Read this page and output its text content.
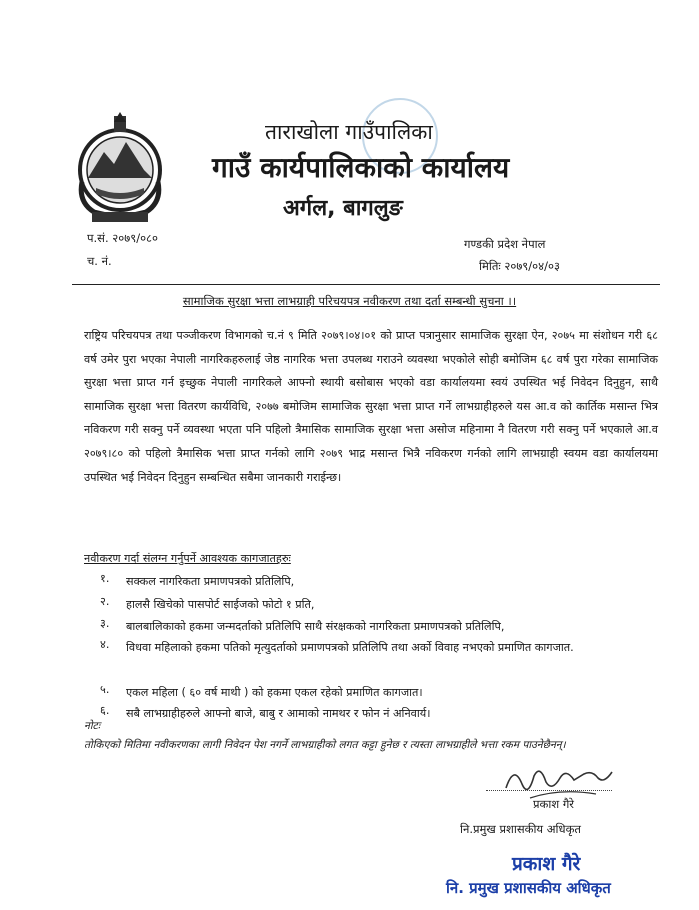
ताराखोला गाउँपालिका
गाउँ कार्यपालिकाको कार्यालय
अर्गल, बागलुङ
प.सं. २०७९/०८०
च. नं.
गण्डकी प्रदेश नेपाल
मितिः २०७९/०४/०३
सामाजिक सुरक्षा भत्ता लाभग्राही परिचयपत्र नवीकरण तथा दर्ता सम्बन्धी सुचना ।।
राष्ट्रिय परिचयपत्र तथा पञ्जीकरण विभागको च.नं ९ मिति २०७९।०४।०१ को प्राप्त पत्रानुसार सामाजिक सुरक्षा ऐन, २०७५ मा संशोधन गरी ६८ वर्ष उमेर पुरा भएका नेपाली नागरिकहरुलाई जेष्ठ नागरिक भत्ता उपलब्ध गराउने व्यवस्था भएकोले सोही बमोजिम ६८ वर्ष पुरा गरेका सामाजिक सुरक्षा भत्ता प्राप्त गर्न इच्छुक नेपाली नागरिकले आफ्नो स्थायी बसोबास भएको वडा कार्यालयमा स्वयं उपस्थित भई निवेदन दिनुहुन, साथै सामाजिक सुरक्षा भत्ता वितरण कार्यविधि, २०७७ बमोजिम सामाजिक सुरक्षा भत्ता प्राप्त गर्ने लाभग्राहीहरुले यस आ.व को कार्तिक मसान्त भित्र नविकरण गरी सक्नु पर्ने व्यवस्था भएता पनि पहिलो त्रैमासिक सामाजिक सुरक्षा भत्ता असोज महिनामा नै वितरण गरी सक्नु पर्ने भएकाले आ.व २०७९।८० को पहिलो त्रैमासिक भत्ता प्राप्त गर्नको लागि २०७९ भाद्र मसान्त भित्रै नविकरण गर्नको लागि लाभग्राही स्वयम वडा कार्यालयमा उपस्थित भई निवेदन दिनुहुन सम्बन्धित सबैमा जानकारी गराईन्छ।
नवीकरण गर्दा संलग्न गर्नुपर्ने आवश्यक कागजातहरुः
१. सक्कल नागरिकता प्रमाणपत्रको प्रतिलिपि,
२. हालसै खिचेको पासपोर्ट साईजको फोटो १ प्रति,
३. बालबालिकाको हकमा जन्मदर्ताको प्रतिलिपि साथै संरक्षकको नागरिकता प्रमाणपत्रको प्रतिलिपि,
४. विधवा महिलाको हकमा पतिको मृत्युदर्ताको प्रमाणपत्रको प्रतिलिपि तथा अर्को विवाह नभएको प्रमाणित कागजात.
५. एकल महिला ( ६० वर्ष माथी ) को हकमा एकल रहेको प्रमाणित कागजात।
६. सबै लाभग्राहीहरुले आफ्नो बाजे, बाबु र आमाको नामथर र फोन नं अनिवार्य।
नोटः
तोकिएको मितिमा नवीकरणका लागी निवेदन पेश नगर्ने लाभग्राहीको लगत कट्टा हुनेछ र त्यस्ता लाभग्राहीले भत्ता रकम पाउनेछैनन्।
प्रकाश गैरे
नि.प्रमुख प्रशासकीय अधिकृत
प्रकाश गैरे
नि. प्रमुख प्रशासकीय अधिकृत
